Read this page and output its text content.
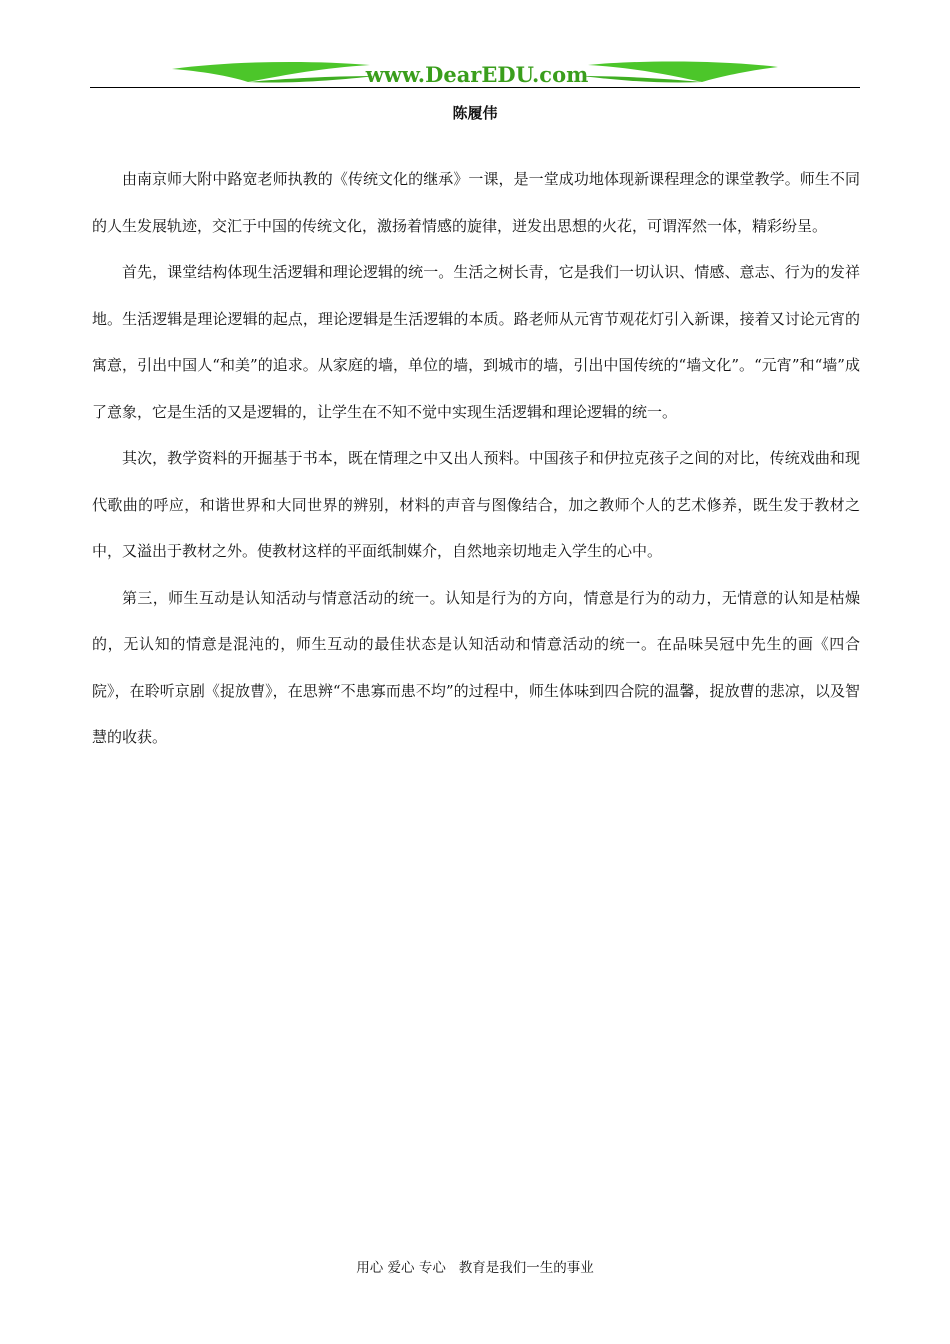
www.DearEDU.com
陈履伟

由南京师大附中路宽老师执教的《传统文化的继承》一课，是一堂成功地体现新课程理念的课堂教学。师生不同的人生发展轨迹，交汇于中国的传统文化，激扬着情感的旋律，迸发出思想的火花，可谓浑然一体，精彩纷呈。

首先，课堂结构体现生活逻辑和理论逻辑的统一。生活之树长青，它是我们一切认识、情感、意志、行为的发祥地。生活逻辑是理论逻辑的起点，理论逻辑是生活逻辑的本质。路老师从元宵节观花灯引入新课，接着又讨论元宵的寓意，引出中国人“和美”的追求。从家庭的墙，单位的墙，到城市的墙，引出中国传统的“墙文化”。“元宵”和“墙”成了意象，它是生活的又是逻辑的，让学生在不知不觉中实现生活逻辑和理论逻辑的统一。

其次，教学资料的开掘基于书本，既在情理之中又出人预料。中国孩子和伊拉克孩子之间的对比，传统戏曲和现代歌曲的呼应，和谐世界和大同世界的辨别，材料的声音与图像结合，加之教师个人的艺术修养，既生发于教材之中，又溢出于教材之外。使教材这样的平面纸制媒介，自然地亲切地走入学生的心中。

第三，师生互动是认知活动与情意活动的统一。认知是行为的方向，情意是行为的动力，无情意的认知是枯燥的，无认知的情意是混沌的，师生互动的最佳状态是认知活动和情意活动的统一。在品味吴冠中先生的画《四合院》，在聆听京剧《捉放曹》，在思辨“不患寡而患不均”的过程中，师生体味到四合院的温馨，捉放曹的悲凉，以及智慧的收获。

用心 爱心 专心   教育是我们一生的事业
